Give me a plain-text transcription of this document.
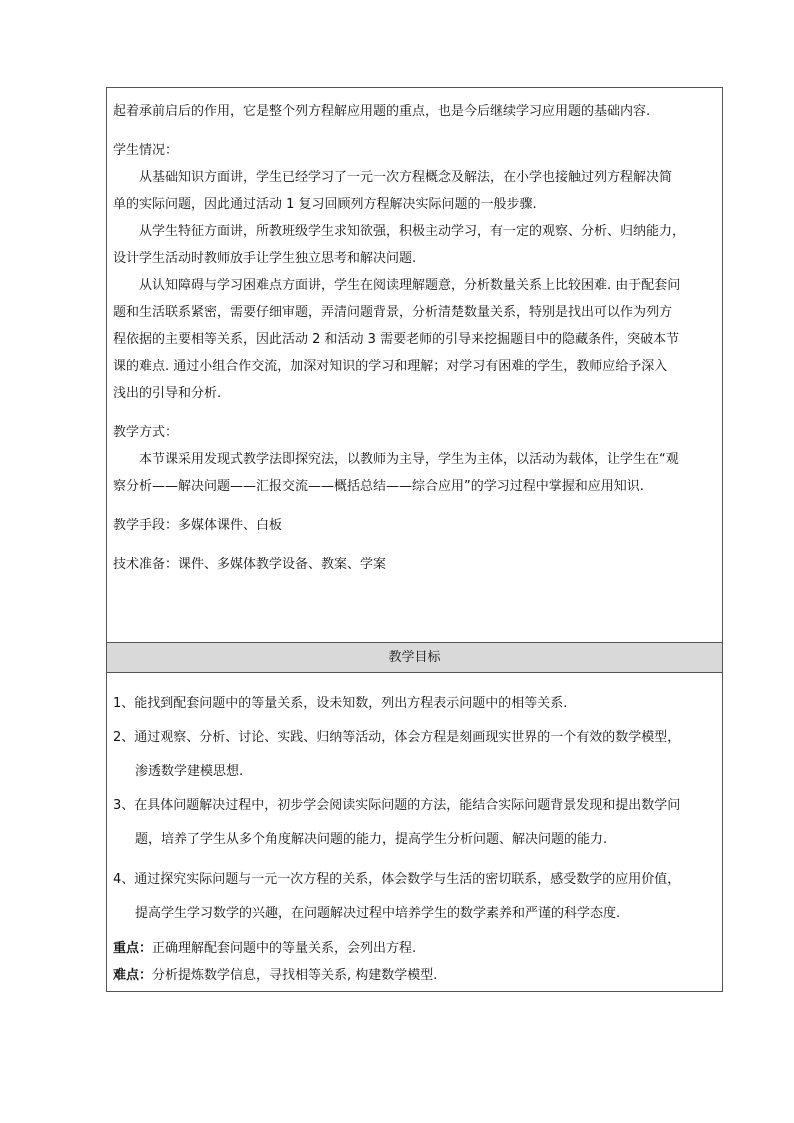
起着承前启后的作用，它是整个列方程解应用题的重点，也是今后继续学习应用题的基础内容.

学生情况：

从基础知识方面讲，学生已经学习了一元一次方程概念及解法，在小学也接触过列方程解决简

单的实际问题，因此通过活动 1 复习回顾列方程解决实际问题的一般步骤.

从学生特征方面讲，所教班级学生求知欲强，积极主动学习，有一定的观察、分析、归纳能力，

设计学生活动时教师放手让学生独立思考和解决问题.

从认知障碍与学习困难点方面讲，学生在阅读理解题意，分析数量关系上比较困难. 由于配套问

题和生活联系紧密，需要仔细审题，弄清问题背景，分析清楚数量关系，特别是找出可以作为列方

程依据的主要相等关系，因此活动 2 和活动 3 需要老师的引导来挖掘题目中的隐藏条件，突破本节

课的难点. 通过小组合作交流，加深对知识的学习和理解；对学习有困难的学生，教师应给予深入

浅出的引导和分析.

教学方式：

本节课采用发现式教学法即探究法，以教师为主导，学生为主体，以活动为载体，让学生在“观

察分析——解决问题——汇报交流——概括总结——综合应用”的学习过程中掌握和应用知识.

教学手段：多媒体课件、白板

技术准备：课件、多媒体教学设备、教案、学案

教学目标

1、能找到配套问题中的等量关系，设未知数，列出方程表示问题中的相等关系.

2、通过观察、分析、讨论、实践、归纳等活动，体会方程是刻画现实世界的一个有效的数学模型，

渗透数学建模思想.

3、在具体问题解决过程中，初步学会阅读实际问题的方法，能结合实际问题背景发现和提出数学问

题，培养了学生从多个角度解决问题的能力，提高学生分析问题、解决问题的能力.

4、通过探究实际问题与一元一次方程的关系，体会数学与生活的密切联系，感受数学的应用价值，

提高学生学习数学的兴趣，在问题解决过程中培养学生的数学素养和严谨的科学态度.

重点：正确理解配套问题中的等量关系，会列出方程.

难点：分析提炼数学信息，寻找相等关系, 构建数学模型.
